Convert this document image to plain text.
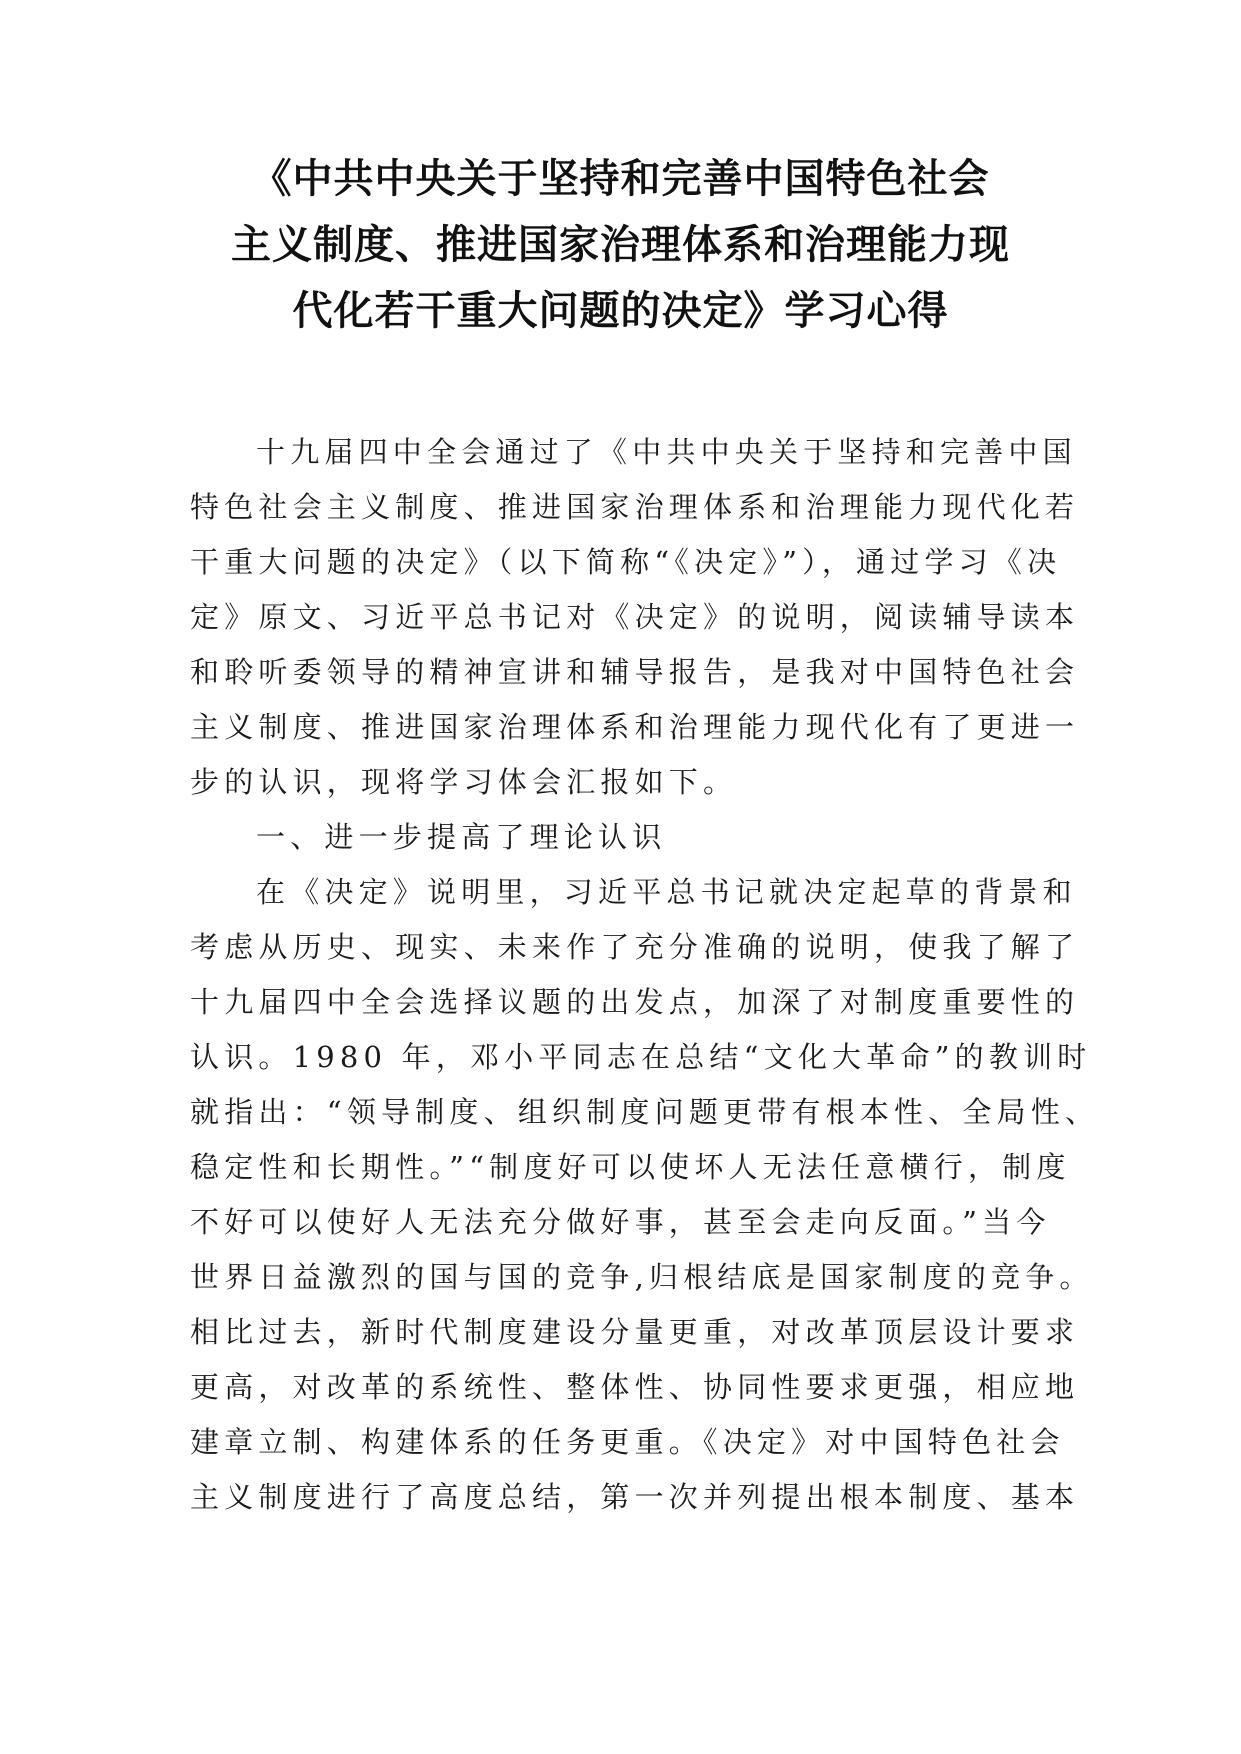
《中共中央关于坚持和完善中国特色社会
主义制度、推进国家治理体系和治理能力现
代化若干重大问题的决定》学习心得
十九届四中全会通过了《中共中央关于坚持和完善中国
特色社会主义制度、推进国家治理体系和治理能力现代化若
干重大问题的决定》（以下简称“《决定》”），通过学习《决
定》原文、习近平总书记对《决定》的说明，阅读辅导读本
和聆听委领导的精神宣讲和辅导报告，是我对中国特色社会
主义制度、推进国家治理体系和治理能力现代化有了更进一
步的认识，现将学习体会汇报如下。
一、进一步提高了理论认识
在《决定》说明里，习近平总书记就决定起草的背景和
考虑从历史、现实、未来作了充分准确的说明，使我了解了
十九届四中全会选择议题的出发点，加深了对制度重要性的
认识。1980 年，邓小平同志在总结“文化大革命”的教训时
就指出：“领导制度、组织制度问题更带有根本性、全局性、
稳定性和长期性。”“制度好可以使坏人无法任意横行，制度
不好可以使好人无法充分做好事，甚至会走向反面。”当今
世界日益激烈的国与国的竞争,归根结底是国家制度的竞争。
相比过去，新时代制度建设分量更重，对改革顶层设计要求
更高，对改革的系统性、整体性、协同性要求更强，相应地
建章立制、构建体系的任务更重。《决定》对中国特色社会
主义制度进行了高度总结，第一次并列提出根本制度、基本
